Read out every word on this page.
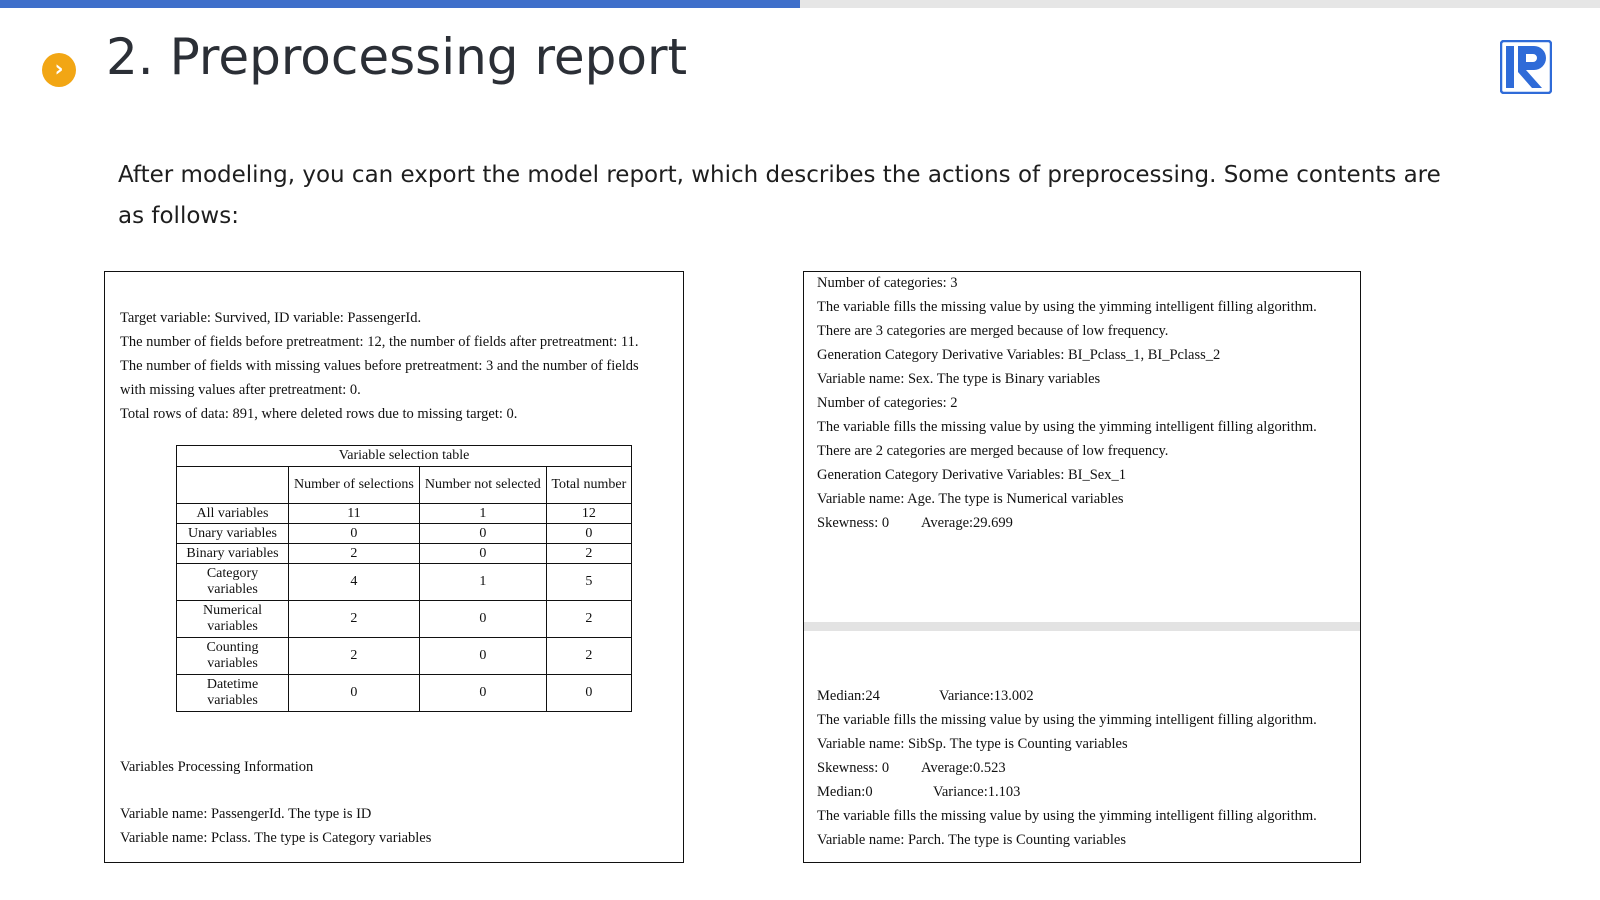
› 2. Preprocessing report
After modeling, you can export the model report, which describes the actions of preprocessing. Some contents are as follows:
Target variable: Survived, ID variable: PassengerId.
The number of fields before pretreatment: 12, the number of fields after pretreatment: 11.
The number of fields with missing values before pretreatment: 3 and the number of fields
with missing values after pretreatment: 0.
Total rows of data: 891, where deleted rows due to missing target: 0.
Variable selection table			
	Number of selections	Number not selected	Total number
All variables	11	1	12
Unary variables	0	0	0
Binary variables	2	0	2
Category variables	4	1	5
Numerical variables	2	0	2
Counting variables	2	0	2
Datetime variables	0	0	0
Variables Processing Information
Variable name: PassengerId. The type is ID
Variable name: Pclass. The type is Category variables
Number of categories: 3
The variable fills the missing value by using the yimming intelligent filling algorithm.
There are 3 categories are merged because of low frequency.
Generation Category Derivative Variables: BI_Pclass_1, BI_Pclass_2
Variable name: Sex. The type is Binary variables
Number of categories: 2
The variable fills the missing value by using the yimming intelligent filling algorithm.
There are 2 categories are merged because of low frequency.
Generation Category Derivative Variables: BI_Sex_1
Variable name: Age. The type is Numerical variables
Skewness: 0 Average:29.699
Median:24	Variance:13.002
The variable fills the missing value by using the yimming intelligent filling algorithm.
Variable name: SibSp. The type is Counting variables
Skewness: 0 Average:0.523
Median:0	Variance:1.103
The variable fills the missing value by using the yimming intelligent filling algorithm.
Variable name: Parch. The type is Counting variables
